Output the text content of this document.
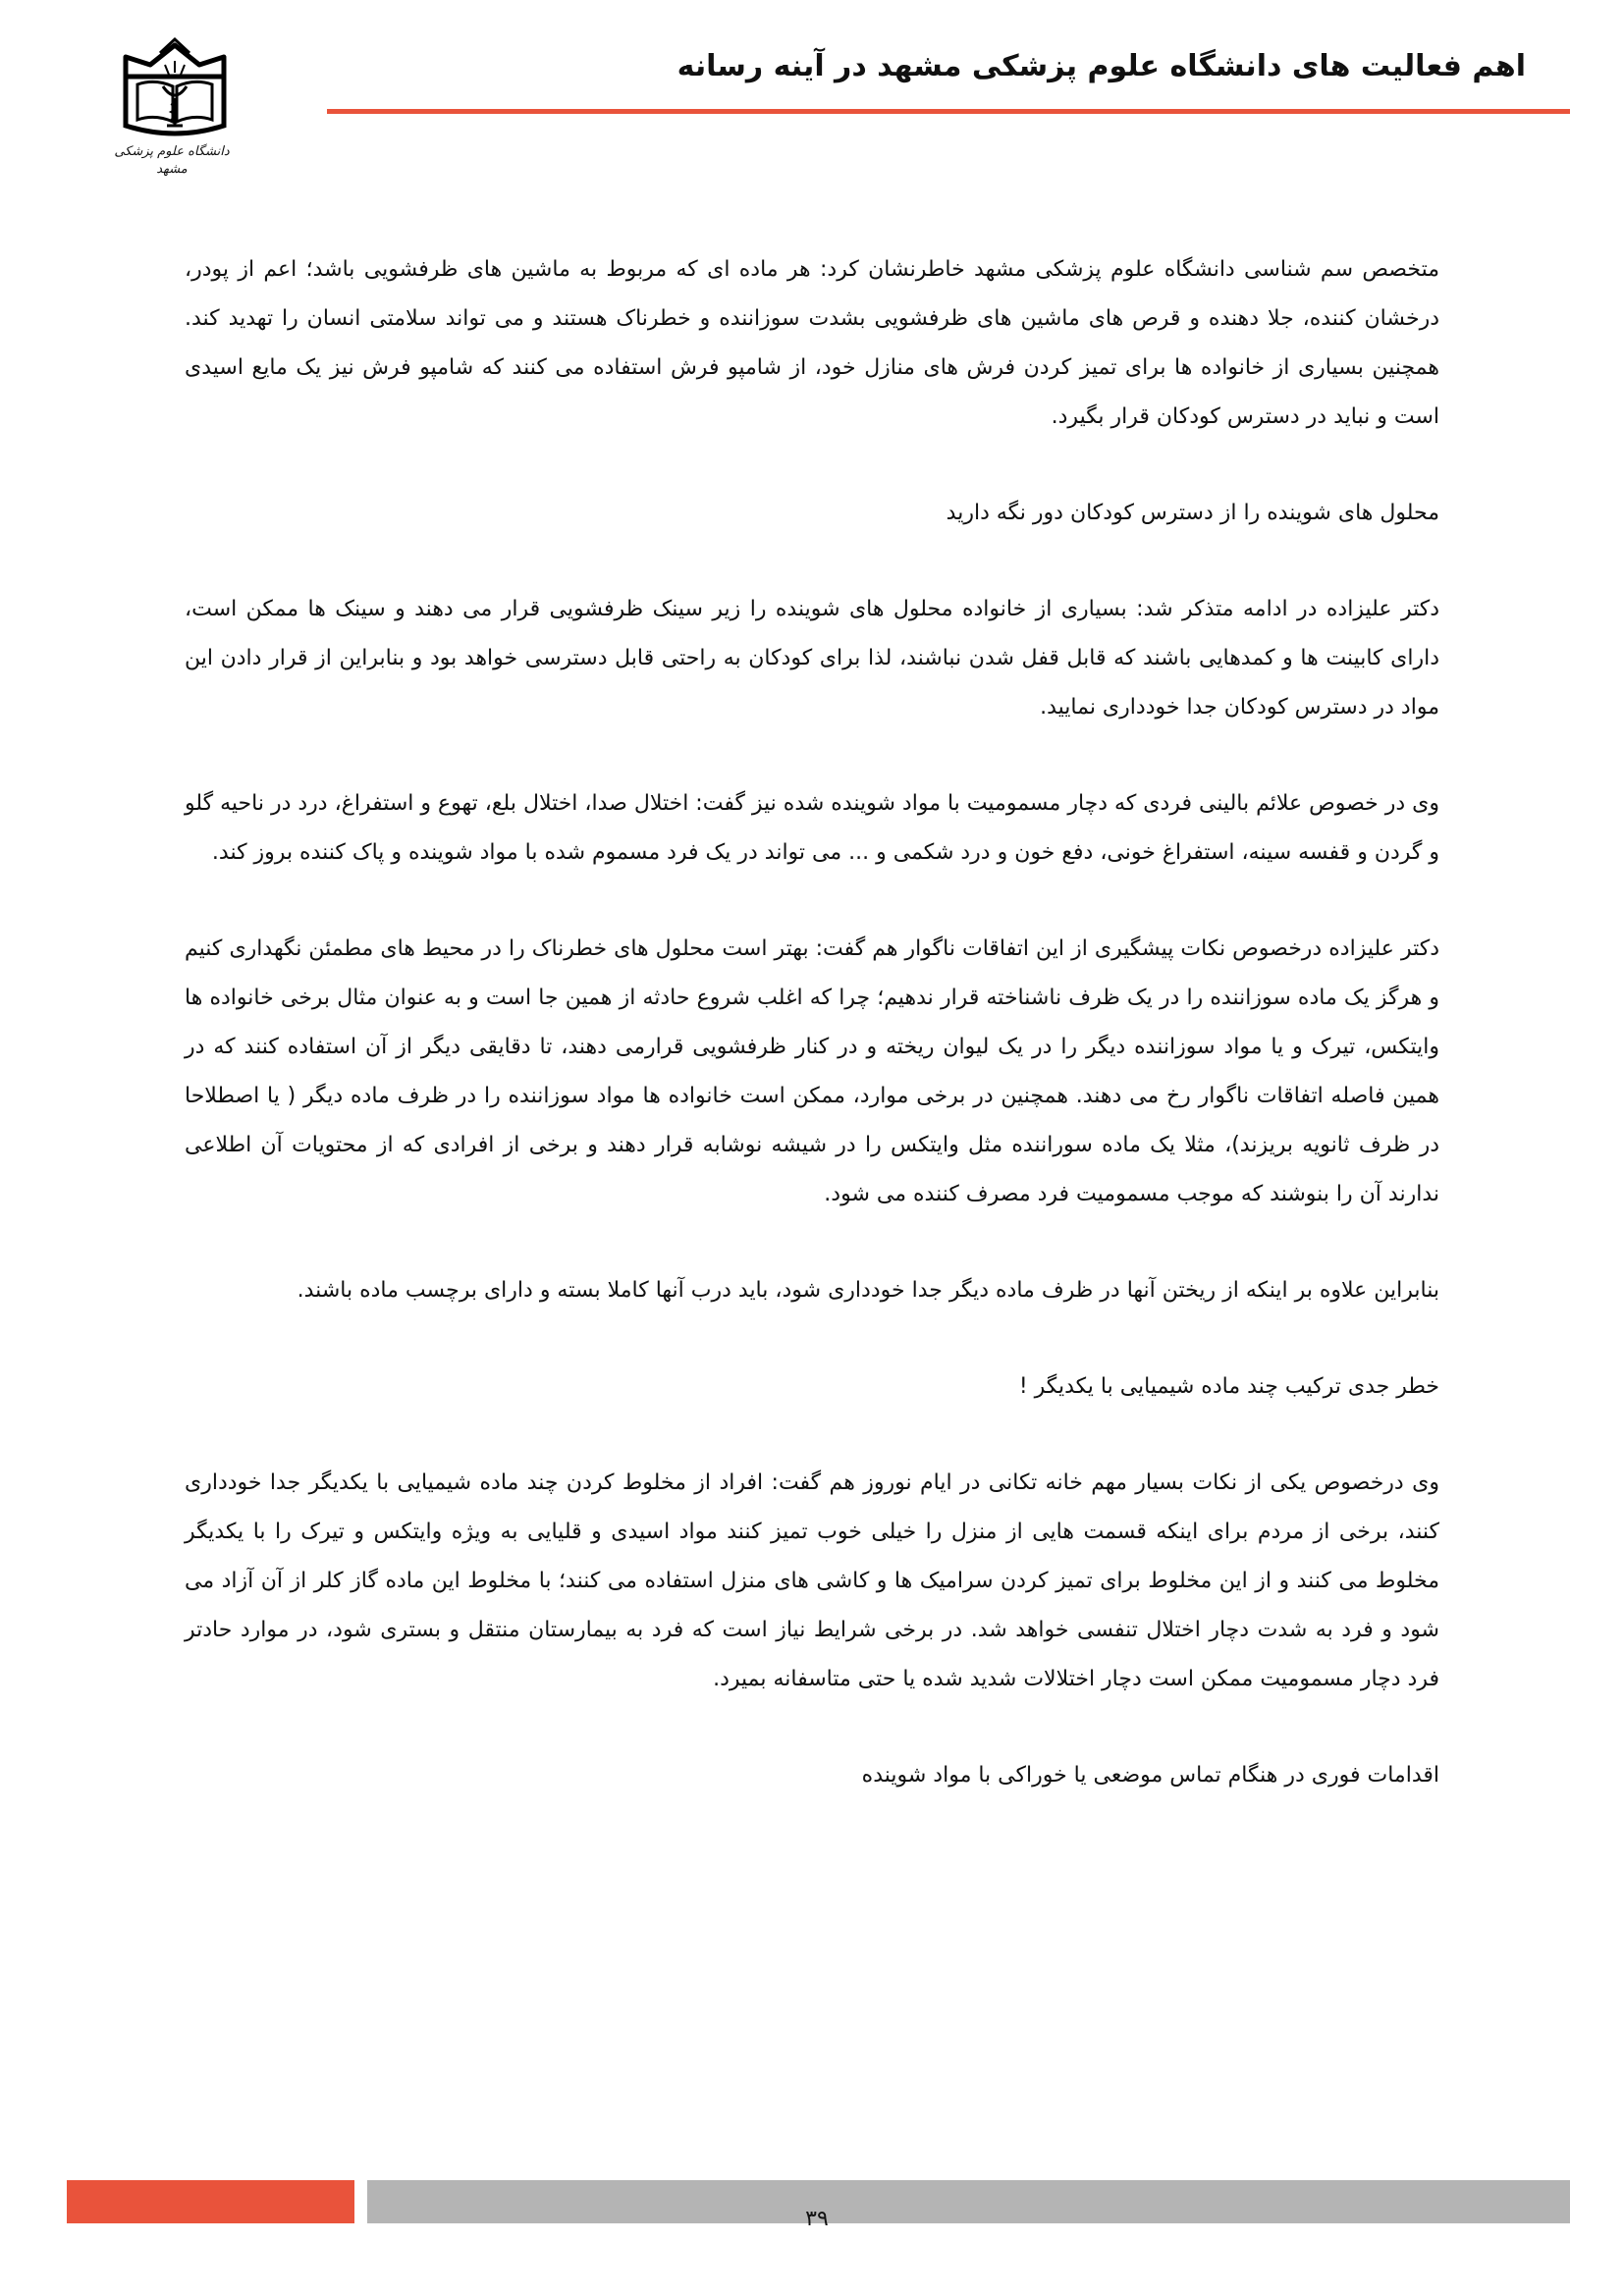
اهم فعالیت های دانشگاه علوم پزشکی مشهد در آینه رسانه
دانشگاه علوم پزشکی مشهد

متخصص سم شناسی دانشگاه علوم پزشکی مشهد خاطرنشان کرد: هر ماده ای که مربوط به ماشین های ظرفشویی باشد؛ اعم از پودر، درخشان کننده، جلا دهنده و قرص های ماشین های ظرفشویی بشدت سوزاننده و خطرناک هستند و می تواند سلامتی انسان را تهدید کند. همچنین بسیاری از خانواده ها برای تمیز کردن فرش های منازل خود، از شامپو فرش استفاده می کنند که شامپو فرش نیز یک مایع اسیدی است و نباید در دسترس کودکان قرار بگیرد.

محلول های شوینده را از دسترس کودکان دور نگه دارید

دکتر علیزاده در ادامه متذکر شد: بسیاری از خانواده محلول های شوینده را زیر سینک ظرفشویی قرار می دهند و سینک ها ممکن است، دارای کابینت ها و کمدهایی باشند که قابل قفل شدن نباشند، لذا برای کودکان به راحتی قابل دسترسی خواهد بود و بنابراین از قرار دادن این مواد در دسترس کودکان جدا خودداری نمایید.

وی در خصوص علائم بالینی فردی که دچار مسمومیت با مواد شوینده شده نیز گفت: اختلال صدا، اختلال بلع، تهوع و استفراغ، درد در ناحیه گلو و گردن و قفسه سینه، استفراغ خونی، دفع خون و درد شکمی و ... می تواند در یک فرد مسموم شده با مواد شوینده و پاک کننده بروز کند.

دکتر علیزاده درخصوص نکات پیشگیری از این اتفاقات ناگوار هم گفت: بهتر است محلول های خطرناک را در محیط های مطمئن نگهداری کنیم و هرگز یک ماده سوزاننده را در یک ظرف ناشناخته قرار ندهیم؛ چرا که اغلب شروع حادثه از همین جا است و به عنوان مثال برخی خانواده ها وایتکس، تیرک و یا مواد سوزاننده دیگر را در یک لیوان ریخته و در کنار ظرفشویی قرارمی دهند، تا دقایقی دیگر از آن استفاده کنند که در همین فاصله اتفاقات ناگوار رخ می دهند. همچنین در برخی موارد، ممکن است خانواده ها مواد سوزاننده را در ظرف ماده دیگر ( یا اصطلاحا در ظرف ثانویه بریزند)، مثلا یک ماده سوراننده مثل وایتکس را در شیشه نوشابه قرار دهند و برخی از افرادی که از محتویات آن اطلاعی ندارند آن را بنوشند که موجب مسمومیت فرد مصرف کننده می شود.

بنابراین علاوه بر اینکه از ریختن آنها در ظرف ماده دیگر جدا خودداری شود، باید درب آنها کاملا بسته و دارای برچسب ماده باشند.

خطر جدی ترکیب چند ماده شیمیایی با یکدیگر !

وی درخصوص یکی از نکات بسیار مهم خانه تکانی در ایام نوروز هم گفت: افراد از مخلوط کردن چند ماده شیمیایی با یکدیگر جدا خودداری کنند، برخی از مردم برای اینکه قسمت هایی از منزل را خیلی خوب تمیز کنند مواد اسیدی و قلیایی به ویژه وایتکس و تیرک را با یکدیگر مخلوط می کنند و از این مخلوط برای تمیز کردن سرامیک ها و کاشی های منزل استفاده می کنند؛ با مخلوط این ماده گاز کلر از آن آزاد می شود و فرد به شدت دچار اختلال تنفسی خواهد شد. در برخی شرایط نیاز است که فرد به بیمارستان منتقل و بستری شود، در موارد حادتر فرد دچار مسمومیت ممکن است دچار اختلالات شدید شده یا حتی متاسفانه بمیرد.

اقدامات فوری در هنگام تماس موضعی یا خوراکی با مواد شوینده

۳۹
